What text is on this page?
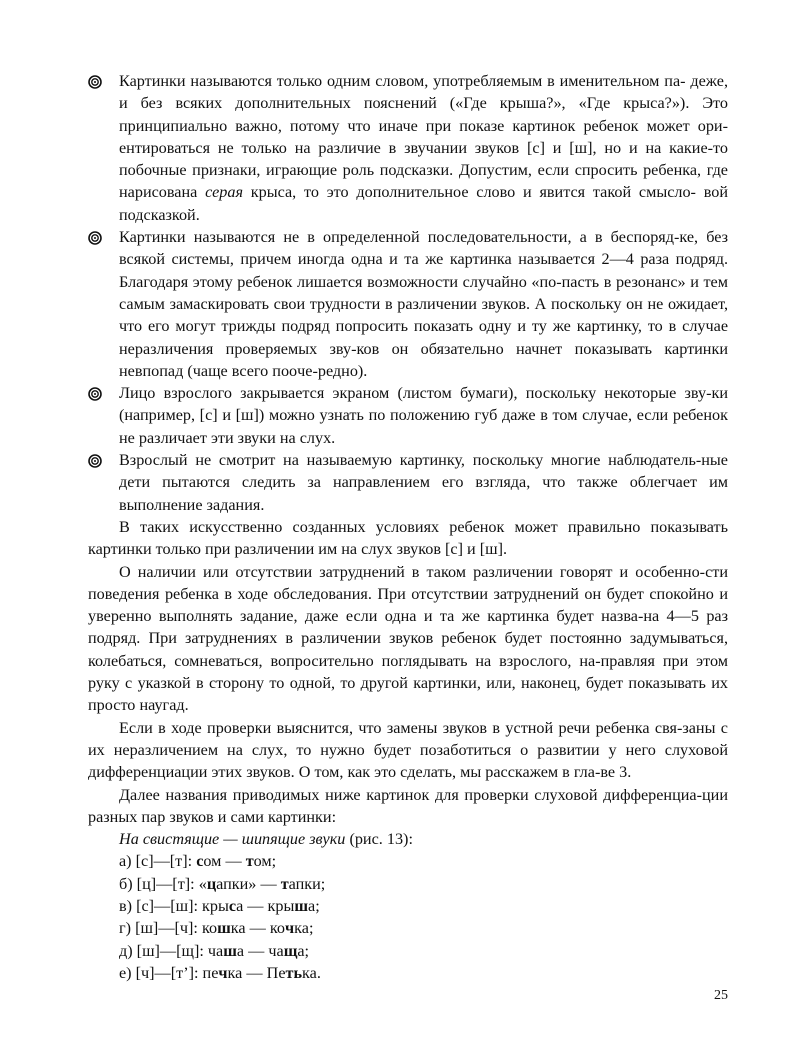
Картинки называются только одним словом, употребляемым в именительном па- деже, и без всяких дополнительных пояснений («Где крыша?», «Где крыса?»). Это принципиально важно, потому что иначе при показе картинок ребенок может ори- ентироваться не только на различие в звучании звуков [с] и [ш], но и на какие-то побочные признаки, играющие роль подсказки. Допустим, если спросить ребенка, где нарисована серая крыса, то это дополнительное слово и явится такой смысло- вой подсказкой.
Картинки называются не в определенной последовательности, а в беспоряд-ке, без всякой системы, причем иногда одна и та же картинка называется 2—4 раза подряд. Благодаря этому ребенок лишается возможности случайно «по-пасть в резонанс» и тем самым замаскировать свои трудности в различении звуков. А поскольку он не ожидает, что его могут трижды подряд попросить показать одну и ту же картинку, то в случае неразличения проверяемых зву-ков он обязательно начнет показывать картинки невпопад (чаще всего поoче-редно).
Лицо взрослого закрывается экраном (листом бумаги), поскольку некоторые зву-ки (например, [с] и [ш]) можно узнать по положению губ даже в том случае, если ребенок не различает эти звуки на слух.
Взрослый не смотрит на называемую картинку, поскольку многие наблюдатель-ные дети пытаются следить за направлением его взгляда, что также облегчает им выполнение задания.
В таких искусственно созданных условиях ребенок может правильно показывать картинки только при различении им на слух звуков [с] и [ш].
О наличии или отсутствии затруднений в таком различении говорят и особенно-сти поведения ребенка в ходе обследования. При отсутствии затруднений он будет спокойно и уверенно выполнять задание, даже если одна и та же картинка будет назва-на 4—5 раз подряд. При затруднениях в различении звуков ребенок будет постоянно задумываться, колебаться, сомневаться, вопросительно поглядывать на взрослого, на-правляя при этом руку с указкой в сторону то одной, то другой картинки, или, наконец, будет показывать их просто наугад.
Если в ходе проверки выяснится, что замены звуков в устной речи ребенка свя-заны с их неразличением на слух, то нужно будет позаботиться о развитии у него слуховой дифференциации этих звуков. О том, как это сделать, мы расскажем в гла-ве 3.
Далее названия приводимых ниже картинок для проверки слуховой дифференциа-ции разных пар звуков и сами картинки:
На свистящие — шипящие звуки (рис. 13):
а) [с]—[т]: сом — том;
б) [ц]—[т]: «цапки» — тапки;
в) [с]—[ш]: крыса — крыша;
г) [ш]—[ч]: кошка — кочка;
д) [ш]—[щ]: чаша — чаща;
е) [ч]—[т’]: печка — Петька.
25
